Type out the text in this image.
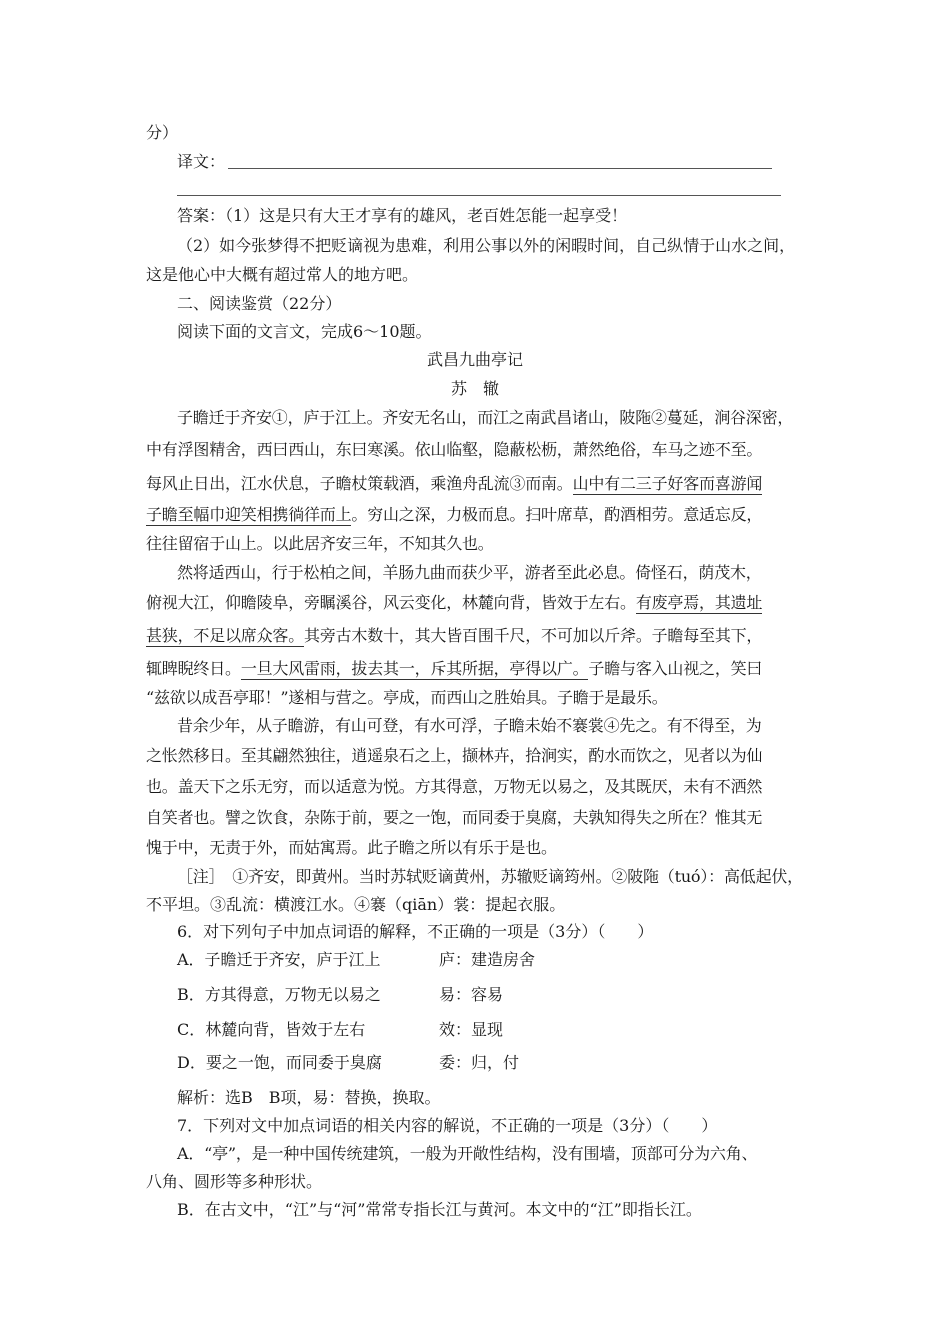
分）
译文：
答案：（1）这是只有大王才享有的雄风，老百姓怎能一起享受！
（2）如今张梦得不把贬谪视为患难，利用公事以外的闲暇时间，自己纵情于山水之间，
这是他心中大概有超过常人的地方吧。
二、阅读鉴赏（22分）
阅读下面的文言文，完成6～10题。
武昌九曲亭记
苏　辙
子瞻迁于齐安①，庐于江上。齐安无名山，而江之南武昌诸山，陂陁②蔓延，涧谷深密，
中有浮图精舍，西曰西山，东曰寒溪。依山临壑，隐蔽松枥，萧然绝俗，车马之迹不至。
每风止日出，江水伏息，子瞻杖策载酒，乘渔舟乱流③而南。山中有二三子好客而喜游闻
子瞻至幅巾迎笑相携徜徉而上。穷山之深，力极而息。扫叶席草，酌酒相劳。意适忘反，
往往留宿于山上。以此居齐安三年，不知其久也。
然将适西山，行于松柏之间，羊肠九曲而获少平，游者至此必息。倚怪石，荫茂木，
俯视大江，仰瞻陵阜，旁瞩溪谷，风云变化，林麓向背，皆效于左右。有废亭焉，其遗址
甚狭，不足以席众客。其旁古木数十，其大皆百围千尺，不可加以斤斧。子瞻每至其下，
辄睥睨终日。一旦大风雷雨，拔去其一，斥其所据，亭得以广。子瞻与客入山视之，笑曰
“兹欲以成吾亭耶！”遂相与营之。亭成，而西山之胜始具。子瞻于是最乐。
昔余少年，从子瞻游，有山可登，有水可浮，子瞻未始不褰裳④先之。有不得至，为
之怅然移日。至其翩然独往，逍遥泉石之上，撷林卉，拾涧实，酌水而饮之，见者以为仙
也。盖天下之乐无穷，而以适意为悦。方其得意，万物无以易之，及其既厌，未有不洒然
自笑者也。譬之饮食，杂陈于前，要之一饱，而同委于臭腐，夫孰知得失之所在？惟其无
愧于中，无责于外，而姑寓焉。此子瞻之所以有乐于是也。
［注］　①齐安，即黄州。当时苏轼贬谪黄州，苏辙贬谪筠州。②陂陁（tuó）：高低起伏，
不平坦。③乱流：横渡江水。④褰（qiān）裳：提起衣服。
6．对下列句子中加点词语的解释，不正确的一项是（3分）（　　）
A．子瞻迁于齐安，庐于江上	庐：建造房舍
B．方其得意，万物无以易之	易：容易
C．林麓向背，皆效于左右	效：显现
D．要之一饱，而同委于臭腐	委：归，付
解析：选B　B项，易：替换，换取。
7．下列对文中加点词语的相关内容的解说，不正确的一项是（3分）（　　）
A．“亭”，是一种中国传统建筑，一般为开敞性结构，没有围墙，顶部可分为六角、
八角、圆形等多种形状。
B．在古文中，“江”与“河”常常专指长江与黄河。本文中的“江”即指长江。
